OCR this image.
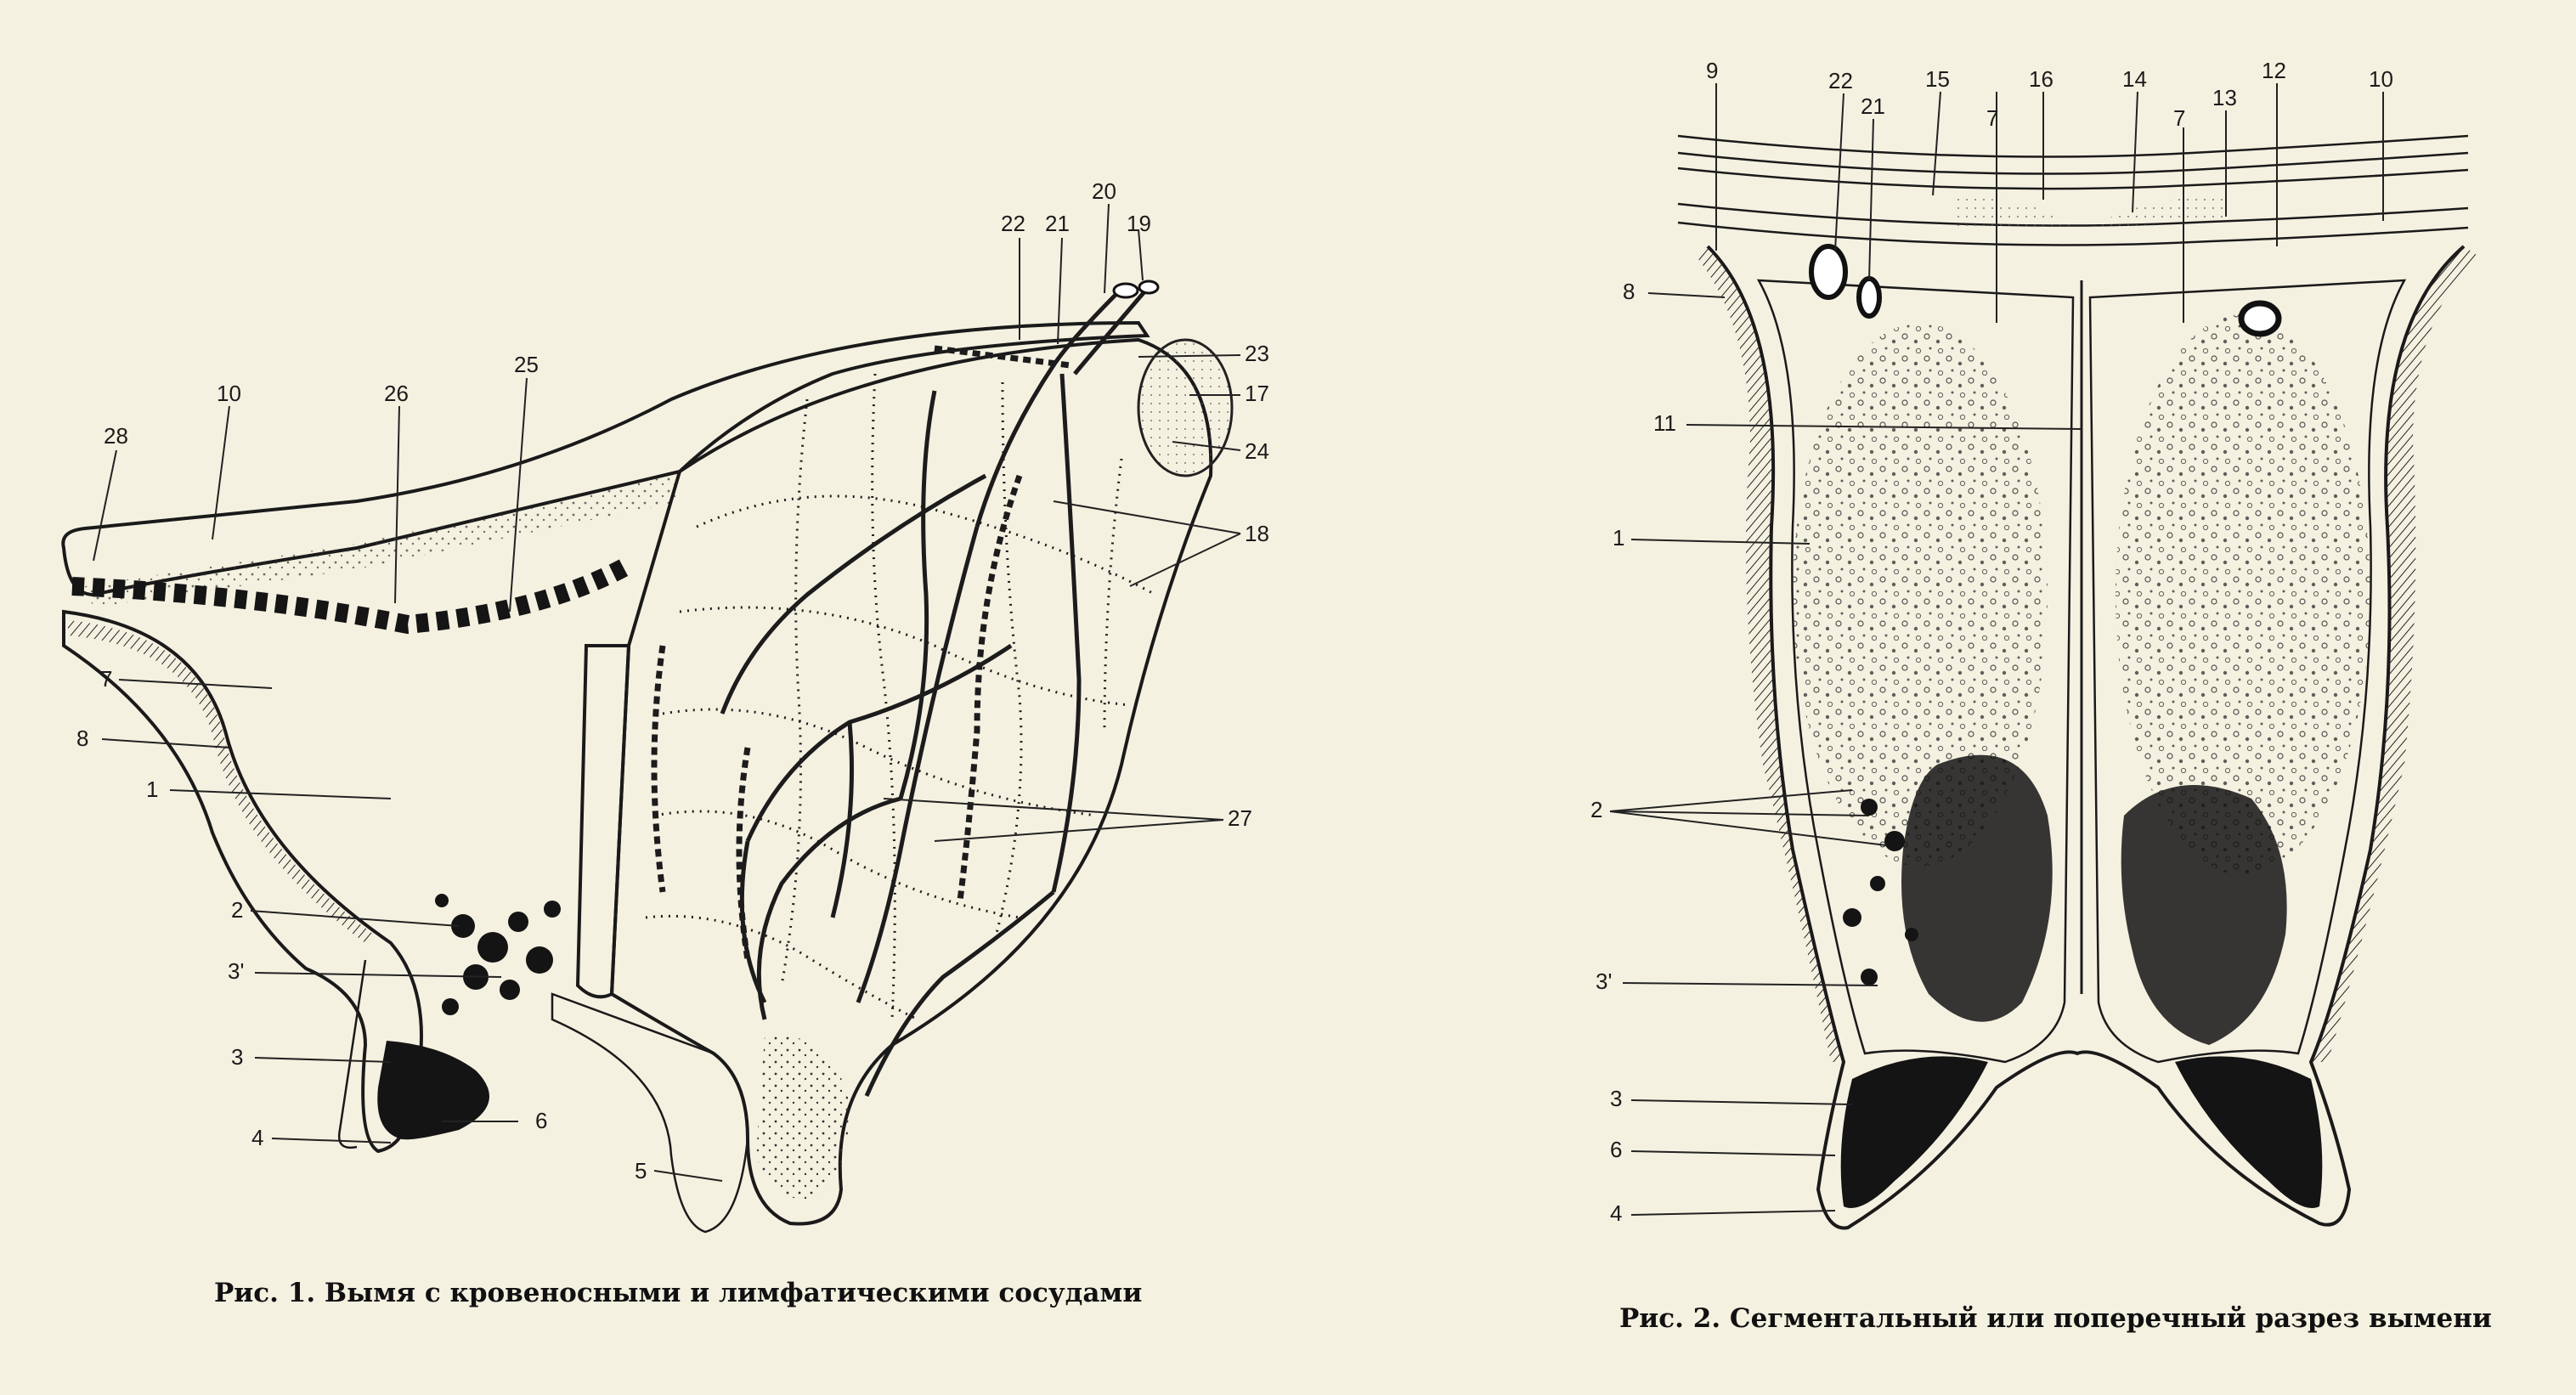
28
10	26
25
22 21
20
19
23
17
24
18
7
8
1
2
3'
3
4
6
5
27
Рис. 1. Вымя с кровеносными и лимфатическими сосудами
9	22
21
15
7
16	14
7
13
12	10
8
11
1
2
3'
3
6
4
Рис. 2. Сегментальный или поперечный разрез вымени
